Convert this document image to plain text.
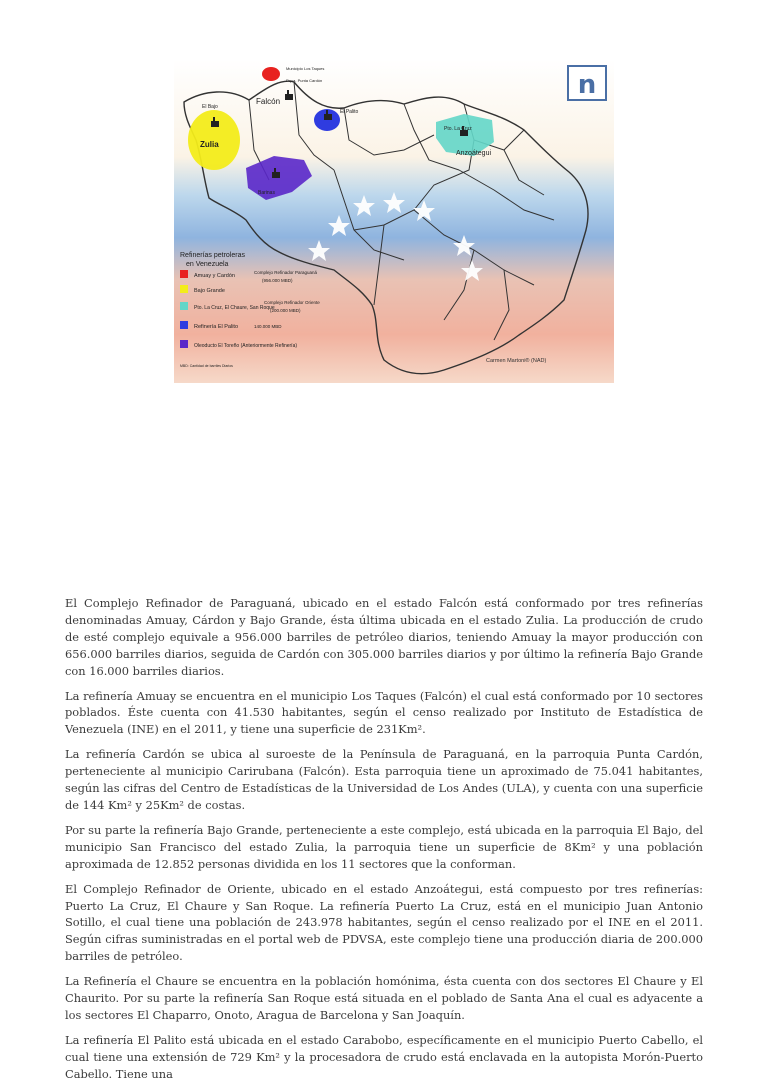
n
Falcón
Zulia
Anzoátegui
El Bajo
El Palito
Pto. La Cruz
Barinas
Municipio Los Taques
Pqua. Punta Cardón
Refinerías petroleras
en Venezuela
Amuay y Cardón
Bajo Grande
Pto. La Cruz, El Chaure, San Roque
Refinería El Palito
Oleoducto El Toreño (Anteriormente Refinería)
Complejo Refinador Paraguaná
(956.000 MBD)
Complejo Refinador Oriente
(200.000 MBD)
140.000 MBD
MBD: Cantidad de barriles Diarios
Carmen Martoni® (NAD)

El Complejo Refinador de Paraguaná, ubicado en el estado Falcón está conformado por tres refinerías denominadas Amuay, Cárdon y Bajo Grande, ésta última ubicada en el estado Zulia. La producción de crudo de esté complejo equivale a 956.000 barriles de petróleo diarios, teniendo Amuay la mayor producción con 656.000 barriles diarios, seguida de Cardón con 305.000 barriles diarios y por último la refinería Bajo Grande con 16.000 barriles diarios.

La refinería Amuay se encuentra en el municipio Los Taques (Falcón) el cual está conformado por 10 sectores poblados. Éste cuenta con 41.530 habitantes, según el censo realizado por Instituto de Estadística de Venezuela (INE) en el 2011, y tiene una superficie de 231Km².

La refinería Cardón se ubica al suroeste de la Península de Paraguaná, en la parroquia Punta Cardón, perteneciente al municipio Carirubana (Falcón). Esta parroquia tiene un aproximado de 75.041 habitantes, según las cifras del Centro de Estadísticas de la Universidad de Los Andes (ULA), y cuenta con una superficie de 144 Km² y 25Km² de costas.

Por su parte la refinería Bajo Grande, perteneciente a este complejo, está ubicada en la parroquia El Bajo, del municipio San Francisco del estado Zulia, la parroquia tiene un superficie de 8Km² y una población aproximada de 12.852 personas dividida en los 11 sectores que la conforman.

El Complejo Refinador de Oriente, ubicado en el estado Anzoátegui, está compuesto por tres refinerías: Puerto La Cruz, El Chaure y San Roque. La refinería Puerto La Cruz, está en el municipio Juan Antonio Sotillo, el cual tiene una población de 243.978 habitantes, según el censo realizado por el INE en el 2011. Según cifras suministradas en el portal web de PDVSA, este complejo tiene una producción diaria de 200.000 barriles de petróleo.

La Refinería el Chaure se encuentra en la población homónima, ésta cuenta con dos sectores El Chaure y El Chaurito. Por su parte la refinería San Roque está situada en el poblado de Santa Ana el cual es adyacente a los sectores El Chaparro, Onoto, Aragua de Barcelona y San Joaquín.

La refinería El Palito está ubicada en el estado Carabobo, específicamente en el municipio Puerto Cabello, el cual tiene una extensión de 729 Km² y la procesadora de crudo está enclavada en la autopista Morón-Puerto Cabello. Tiene una
